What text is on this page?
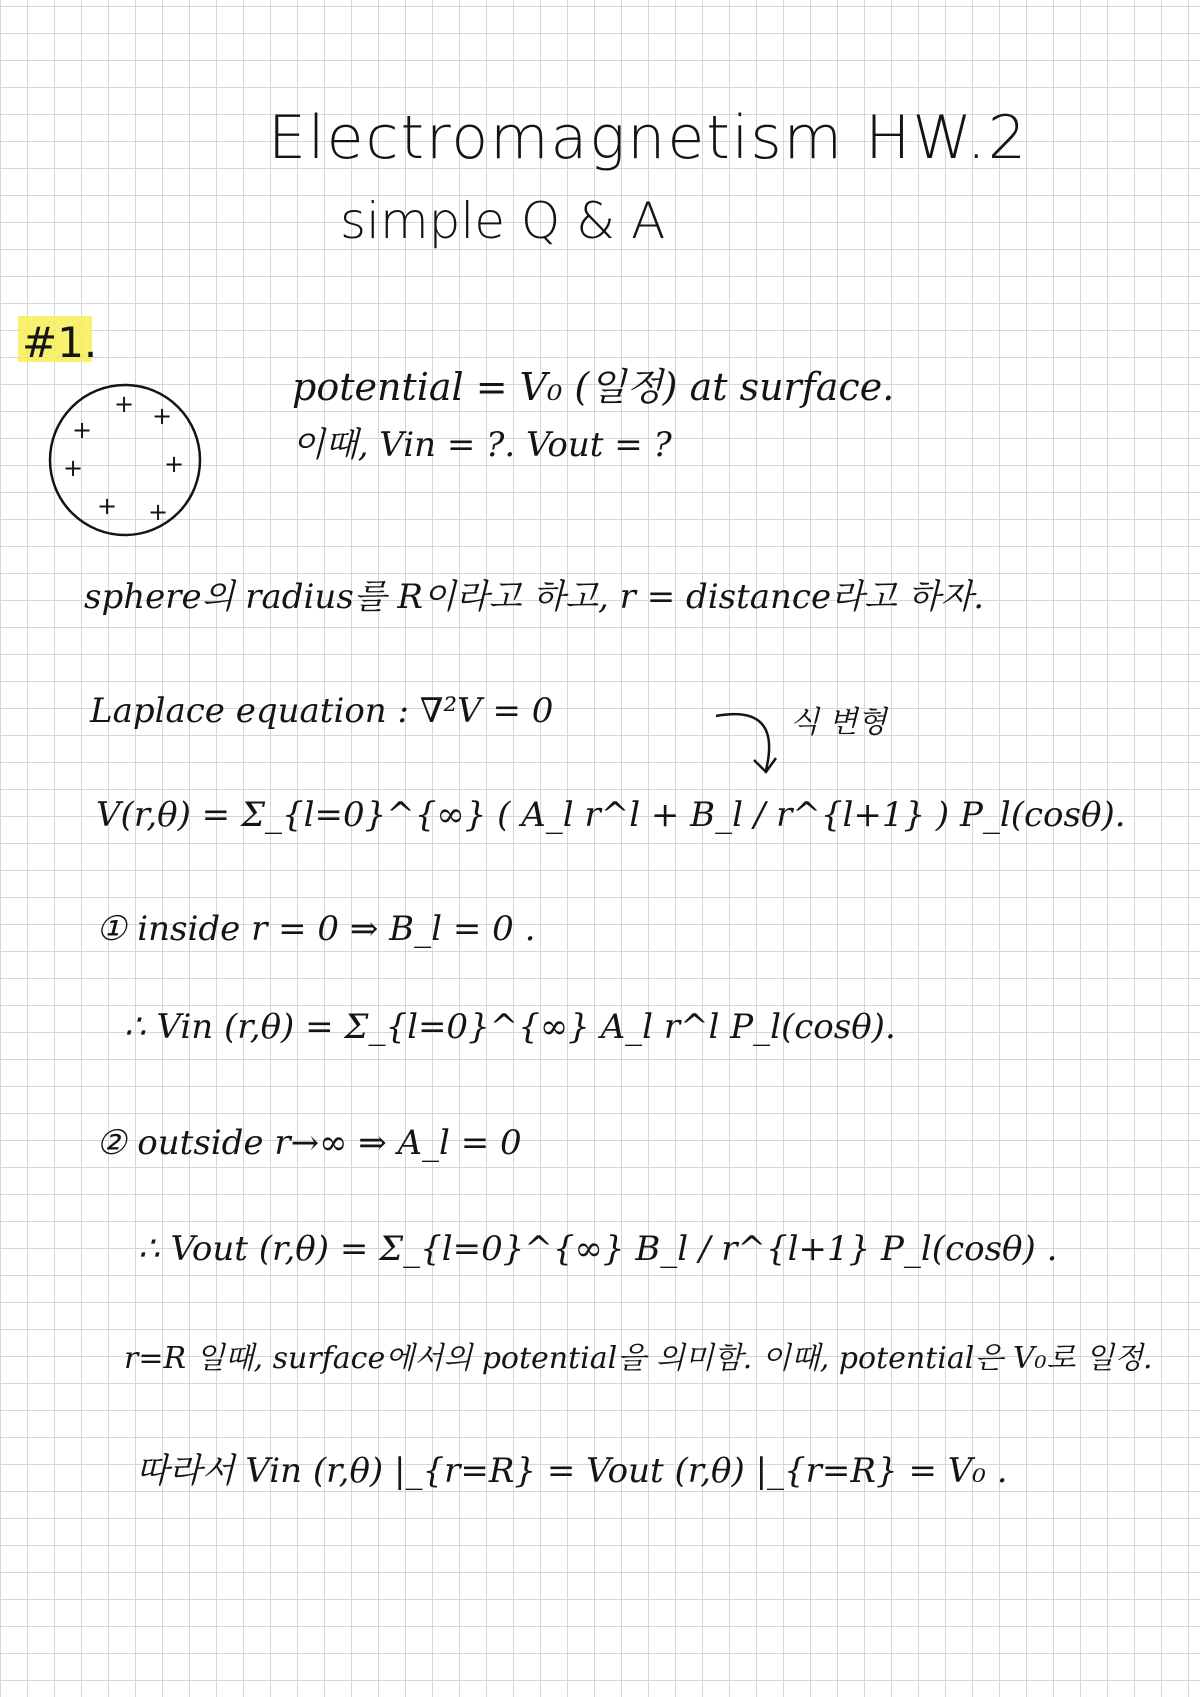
Electromagnetism HW.2
simple Q & A
#1.
+ +
+
+
+
+ +
potential = V₀ (일정) at surface.
이때, Vin = ?. Vout = ?
sphere의 radius를 R이라고 하고, r = distance라고 하자.
Laplace equation : ∇²V = 0	식 변형
V(r,θ) = Σ_{l=0}^{∞} ( A_l r^l + B_l / r^{l+1} ) P_l(cosθ).
① inside r = 0 ⇒ B_l = 0 .
∴ Vin (r,θ) = Σ_{l=0}^{∞} A_l r^l P_l(cosθ).
② outside r→∞ ⇒ A_l = 0
∴ Vout (r,θ) = Σ_{l=0}^{∞} B_l / r^{l+1} P_l(cosθ) .
r=R 일때, surface에서의 potential을 의미함. 이때, potential은 V₀로 일정.
따라서 Vin (r,θ) |_{r=R} = Vout (r,θ) |_{r=R} = V₀ .
